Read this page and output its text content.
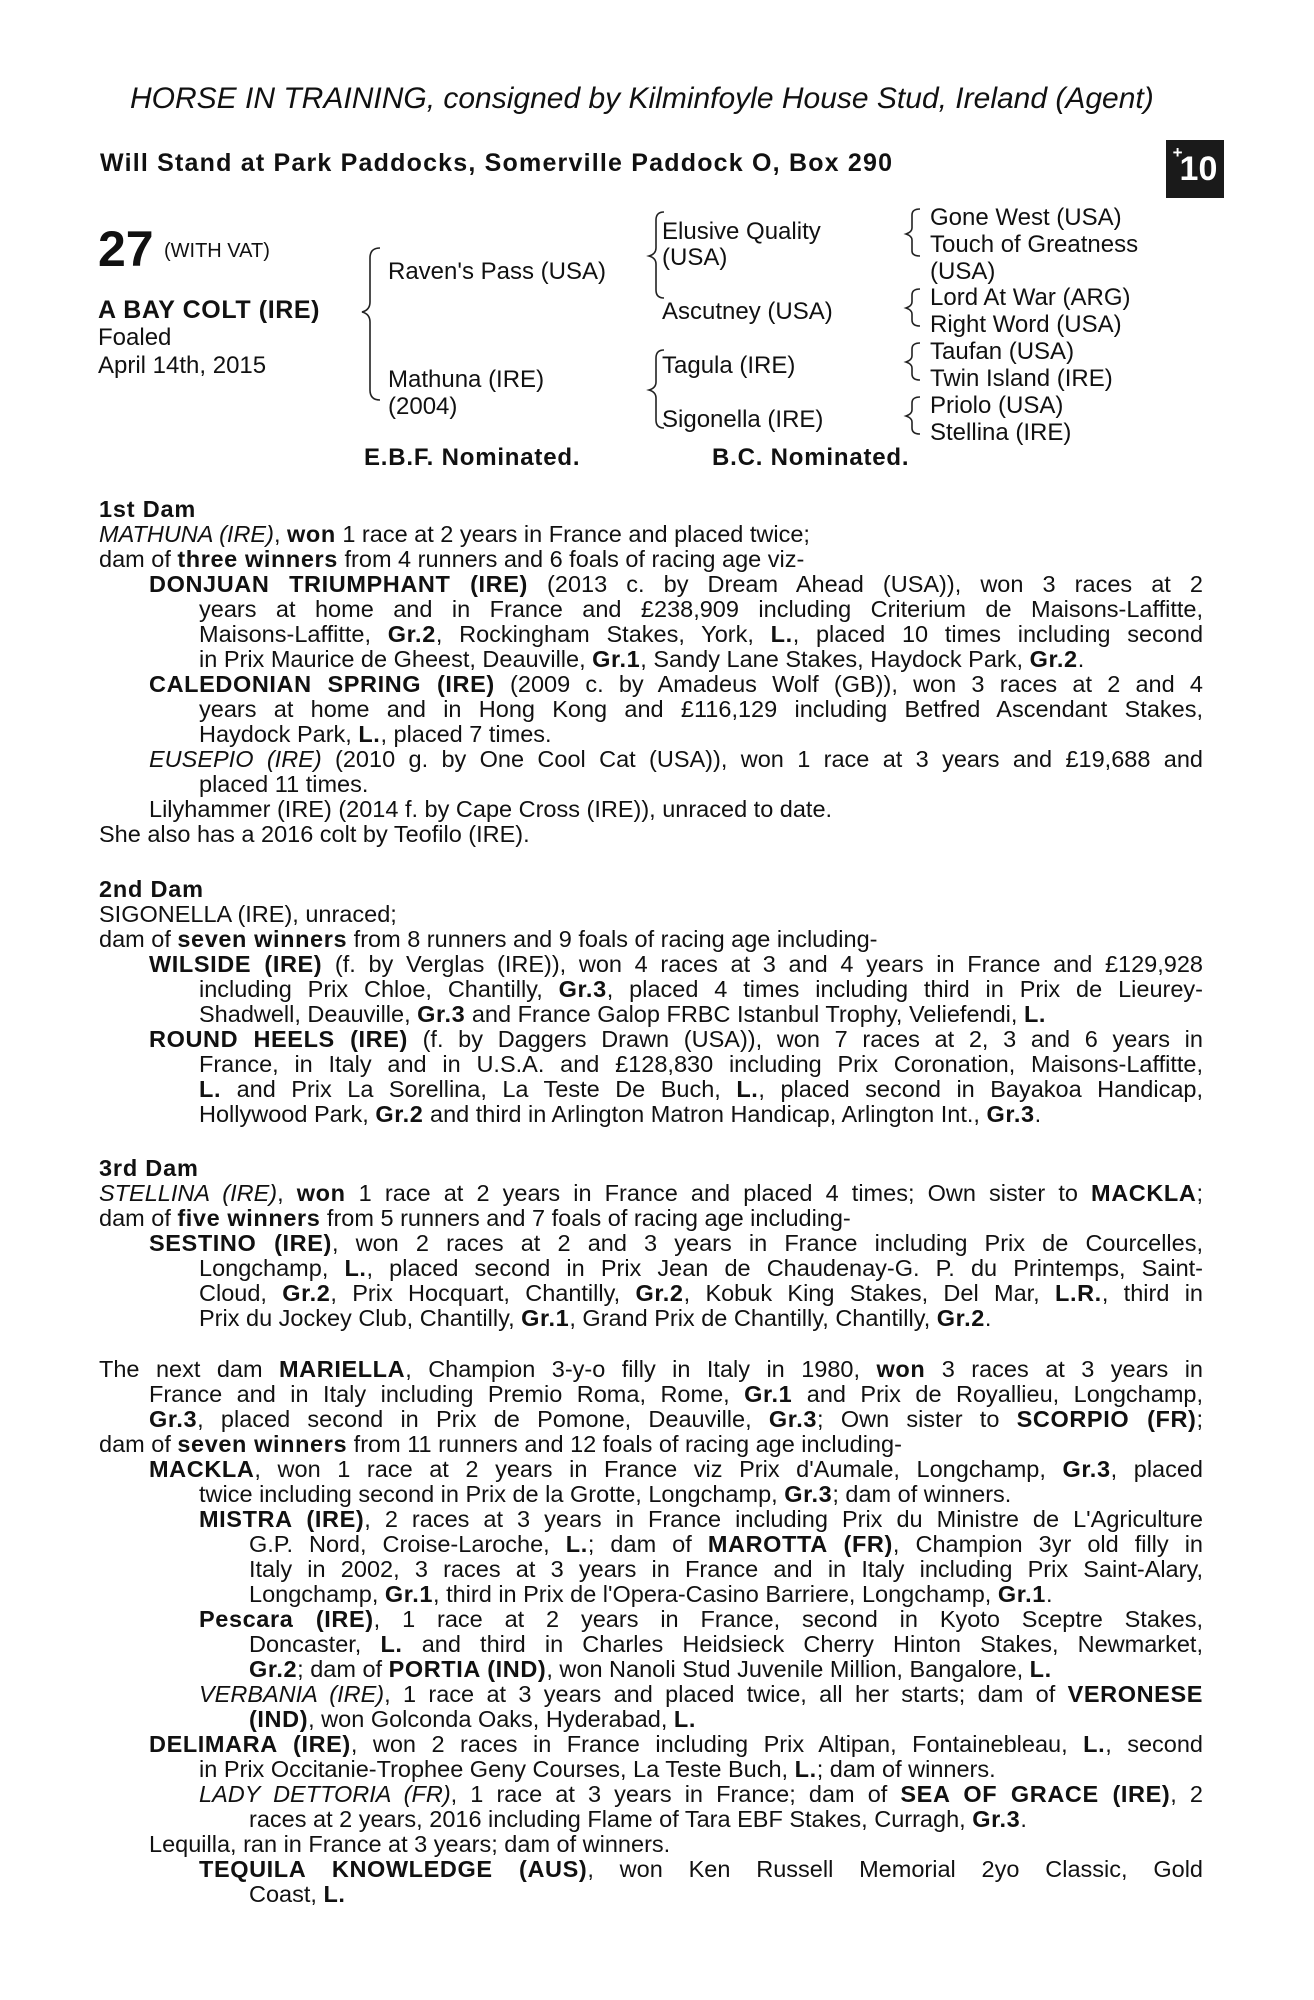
HORSE IN TRAINING, consigned by Kilminfoyle House Stud, Ireland (Agent)
Will Stand at Park Paddocks, Somerville Paddock O, Box 290	+10
27 (WITH VAT)
A BAY COLT (IRE)
Foaled
April 14th, 2015
Raven's Pass (USA)
Mathuna (IRE)
(2004)
Elusive Quality
(USA)
Ascutney (USA)
Tagula (IRE)
Sigonella (IRE)
Gone West (USA)
Touch of Greatness
(USA)
Lord At War (ARG)
Right Word (USA)
Taufan (USA)
Twin Island (IRE)
Priolo (USA)
Stellina (IRE)
E.B.F. Nominated.	B.C. Nominated.
1st Dam
2nd Dam
3rd Dam
MATHUNA (IRE), won 1 race at 2 years in France and placed twice;
dam of three winners from 4 runners and 6 foals of racing age viz-
DONJUAN TRIUMPHANT (IRE) (2013 c. by Dream Ahead (USA)), won 3 races at 2
years at home and in France and £238,909 including Criterium de Maisons-Laffitte,
Maisons-Laffitte, Gr.2, Rockingham Stakes, York, L., placed 10 times including second
in Prix Maurice de Gheest, Deauville, Gr.1, Sandy Lane Stakes, Haydock Park, Gr.2.
CALEDONIAN SPRING (IRE) (2009 c. by Amadeus Wolf (GB)), won 3 races at 2 and 4
years at home and in Hong Kong and £116,129 including Betfred Ascendant Stakes,
Haydock Park, L., placed 7 times.
EUSEPIO (IRE) (2010 g. by One Cool Cat (USA)), won 1 race at 3 years and £19,688 and
placed 11 times.
Lilyhammer (IRE) (2014 f. by Cape Cross (IRE)), unraced to date.
She also has a 2016 colt by Teofilo (IRE).
SIGONELLA (IRE), unraced;
dam of seven winners from 8 runners and 9 foals of racing age including-
WILSIDE (IRE) (f. by Verglas (IRE)), won 4 races at 3 and 4 years in France and £129,928
including Prix Chloe, Chantilly, Gr.3, placed 4 times including third in Prix de Lieurey-
Shadwell, Deauville, Gr.3 and France Galop FRBC Istanbul Trophy, Veliefendi, L.
ROUND HEELS (IRE) (f. by Daggers Drawn (USA)), won 7 races at 2, 3 and 6 years in
France, in Italy and in U.S.A. and £128,830 including Prix Coronation, Maisons-Laffitte,
L. and Prix La Sorellina, La Teste De Buch, L., placed second in Bayakoa Handicap,
Hollywood Park, Gr.2 and third in Arlington Matron Handicap, Arlington Int., Gr.3.
STELLINA (IRE), won 1 race at 2 years in France and placed 4 times; Own sister to MACKLA;
dam of five winners from 5 runners and 7 foals of racing age including-
SESTINO (IRE), won 2 races at 2 and 3 years in France including Prix de Courcelles,
Longchamp, L., placed second in Prix Jean de Chaudenay-G. P. du Printemps, Saint-
Cloud, Gr.2, Prix Hocquart, Chantilly, Gr.2, Kobuk King Stakes, Del Mar, L.R., third in
Prix du Jockey Club, Chantilly, Gr.1, Grand Prix de Chantilly, Chantilly, Gr.2.
The next dam MARIELLA, Champion 3-y-o filly in Italy in 1980, won 3 races at 3 years in
France and in Italy including Premio Roma, Rome, Gr.1 and Prix de Royallieu, Longchamp,
Gr.3, placed second in Prix de Pomone, Deauville, Gr.3; Own sister to SCORPIO (FR);
dam of seven winners from 11 runners and 12 foals of racing age including-
MACKLA, won 1 race at 2 years in France viz Prix d'Aumale, Longchamp, Gr.3, placed
twice including second in Prix de la Grotte, Longchamp, Gr.3; dam of winners.
MISTRA (IRE), 2 races at 3 years in France including Prix du Ministre de L'Agriculture
G.P. Nord, Croise-Laroche, L.; dam of MAROTTA (FR), Champion 3yr old filly in
Italy in 2002, 3 races at 3 years in France and in Italy including Prix Saint-Alary,
Longchamp, Gr.1, third in Prix de l'Opera-Casino Barriere, Longchamp, Gr.1.
Pescara (IRE), 1 race at 2 years in France, second in Kyoto Sceptre Stakes,
Doncaster, L. and third in Charles Heidsieck Cherry Hinton Stakes, Newmarket,
Gr.2; dam of PORTIA (IND), won Nanoli Stud Juvenile Million, Bangalore, L.
VERBANIA (IRE), 1 race at 3 years and placed twice, all her starts; dam of VERONESE
(IND), won Golconda Oaks, Hyderabad, L.
DELIMARA (IRE), won 2 races in France including Prix Altipan, Fontainebleau, L., second
in Prix Occitanie-Trophee Geny Courses, La Teste Buch, L.; dam of winners.
LADY DETTORIA (FR), 1 race at 3 years in France; dam of SEA OF GRACE (IRE), 2
races at 2 years, 2016 including Flame of Tara EBF Stakes, Curragh, Gr.3.
Lequilla, ran in France at 3 years; dam of winners.
TEQUILA KNOWLEDGE (AUS), won Ken Russell Memorial 2yo Classic, Gold
Coast, L.
